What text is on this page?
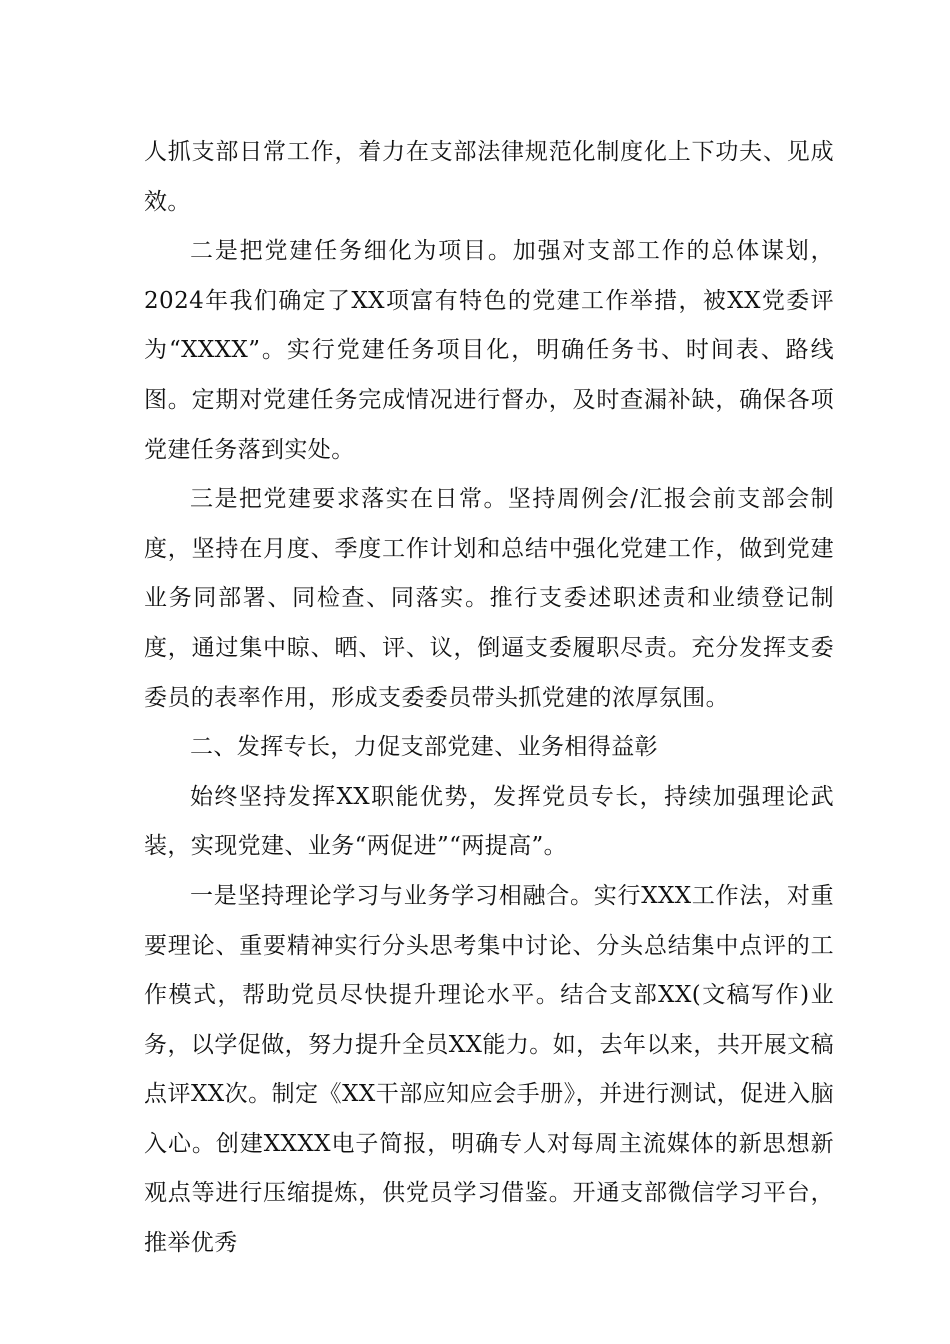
人抓支部日常工作，着力在支部法律规范化制度化上下功夫、见成效。

二是把党建任务细化为项目。加强对支部工作的总体谋划，2024年我们确定了XX项富有特色的党建工作举措，被XX党委评为“XXXX”。实行党建任务项目化，明确任务书、时间表、路线图。定期对党建任务完成情况进行督办，及时查漏补缺，确保各项党建任务落到实处。

三是把党建要求落实在日常。坚持周例会/汇报会前支部会制度，坚持在月度、季度工作计划和总结中强化党建工作，做到党建业务同部署、同检查、同落实。推行支委述职述责和业绩登记制度，通过集中晾、晒、评、议，倒逼支委履职尽责。充分发挥支委委员的表率作用，形成支委委员带头抓党建的浓厚氛围。

二、发挥专长，力促支部党建、业务相得益彰

始终坚持发挥XX职能优势，发挥党员专长，持续加强理论武装，实现党建、业务“两促进”“两提高”。

一是坚持理论学习与业务学习相融合。实行XXX工作法，对重要理论、重要精神实行分头思考集中讨论、分头总结集中点评的工作模式，帮助党员尽快提升理论水平。结合支部XX(文稿写作)业务，以学促做，努力提升全员XX能力。如，去年以来，共开展文稿点评XX次。制定《XX干部应知应会手册》，并进行测试，促进入脑入心。创建XXXX电子简报，明确专人对每周主流媒体的新思想新观点等进行压缩提炼，供党员学习借鉴。开通支部微信学习平台，推举优秀
